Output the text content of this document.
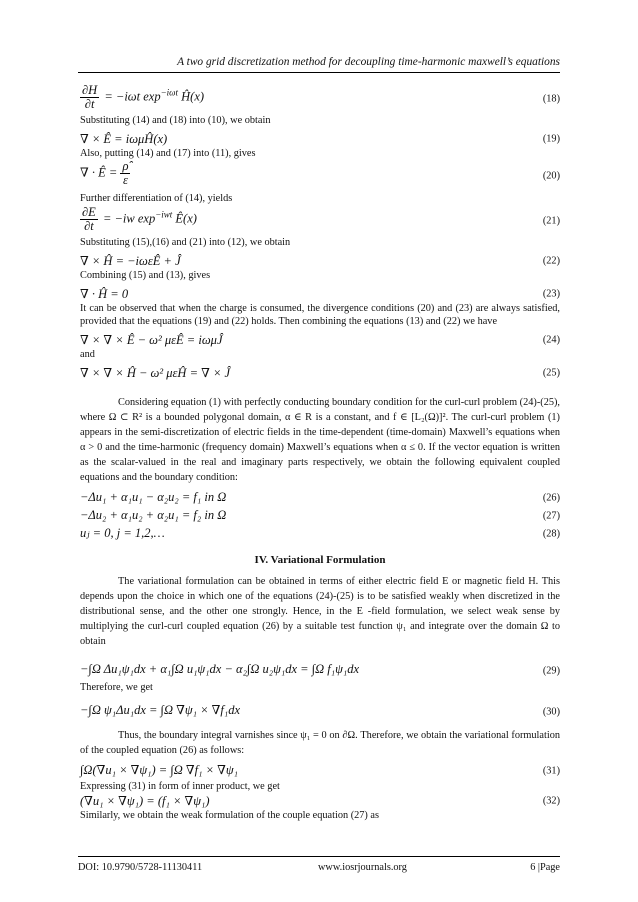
A two grid discretization method for decoupling time-harmonic maxwell’s equations
$\frac{\partial H}{\partial t} = -i\omega t$ $\exp^{-i\omega t}$ Ĥ(x)	(18)

Substituting (14) and (18) into (10), we obtain

∇ × Ê = iωμĤ(x)	(19)

Also, putting (14) and (17) into (11), gives

∇ · Ê = $\frac{\rhô}{\varepsilon}$	(20)

Further differentiation of (14), yields

$\frac{\partial E}{\partial t} = -iw$ $\exp^{-iwt}$ Ê(x)	(21)

Substituting (15),(16) and (21) into (12), we obtain

∇ × Ĥ = −iωεÊ + Ĵ	(22)

Combining (15) and (13), gives

∇ · Ĥ = 0	(23)

It can be observed that when the charge is consumed, the divergence conditions (20) and (23) are always satisfied, provided that the equations (19) and (22) holds. Then combining the equations (13) and (22) we have

∇ × ∇ × Ê − ω² μεÊ = iωμĴ	(24)

and

∇ × ∇ × Ĥ − ω² μεĤ = ∇ × Ĵ	(25)

Considering equation (1) with perfectly conducting boundary condition for the curl-curl problem (24)-(25), where Ω ⊂ R² is a bounded polygonal domain, α ∈ R is a constant, and f ∈ [L₂(Ω)]². The curl-curl problem (1) appears in the semi-discretization of electric fields in the time-dependent (time-domain) Maxwell’s equations when α > 0 and the time-harmonic (frequency domain) Maxwell’s equations when α ≤ 0. If the vector equation is written as the scalar-valued in the real and imaginary parts respectively, we obtain the following equivalent coupled equations and the boundary condition:

−Δu₁ + α₁u₁ − α₂u₂ = f₁ in Ω	(26)
−Δu₂ + α₁u₂ + α₂u₁ = f₂ in Ω	(27)
uⱼ = 0, j = 1,2,…	(28)
IV. Variational Formulation

The variational formulation can be obtained in terms of either electric field E or magnetic field H. This depends upon the choice in which one of the equations (24)-(25) is to be satisfied weakly when discretized in the distributional sense, and the other one strongly. Hence, in the E -field formulation, we select weak sense by multiplying the curl-curl coupled equation (26) by a suitable test function ψ₁ and integrate over the domain Ω to obtain

−∫Ω Δu₁ψ₁dx + α₁∫Ω u₁ψ₁dx − α₂∫Ω u₂ψ₁dx = ∫Ω f₁ψ₁dx	(29)

Therefore, we get

−∫Ω ψ₁Δu₁dx = ∫Ω ∇ψ₁ × ∇f₁dx	(30)

Thus, the boundary integral varnishes since ψ₁ = 0 on ∂Ω. Therefore, we obtain the variational formulation of the coupled equation (26) as follows:

∫Ω(∇u₁ × ∇ψ₁) = ∫Ω ∇f₁ × ∇ψ₁	(31)

Expressing (31) in form of inner product, we get

(∇u₁ × ∇ψ₁) = (f₁ × ∇ψ₁)	(32)

Similarly, we obtain the weak formulation of the couple equation (27) as

DOI: 10.9790/5728-11130411	www.iosrjournals.org	6 |Page
